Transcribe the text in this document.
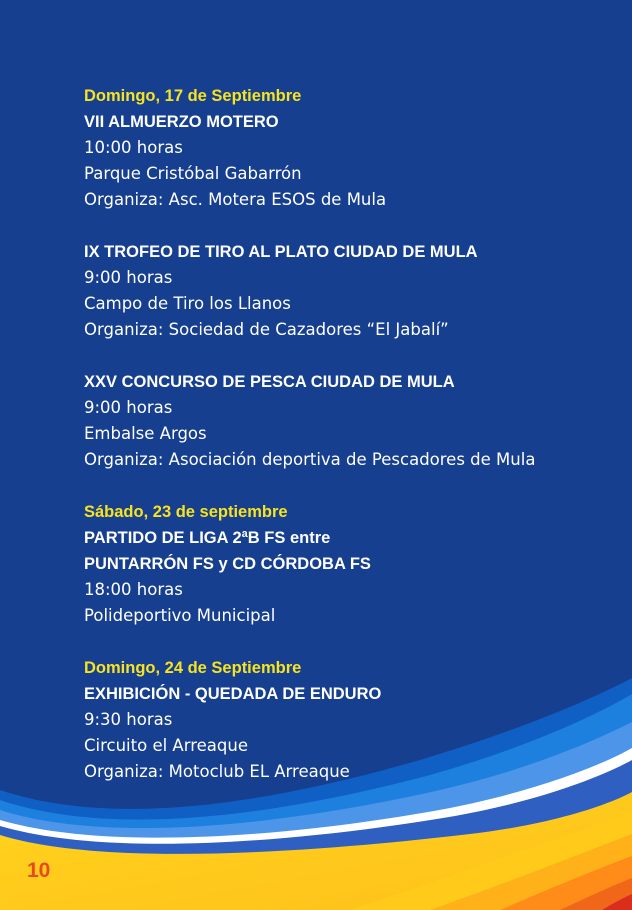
Domingo, 17 de Septiembre
VII ALMUERZO MOTERO
10:00 horas
Parque Cristóbal Gabarrón
Organiza: Asc. Motera ESOS de Mula
IX TROFEO DE TIRO AL PLATO CIUDAD DE MULA
9:00 horas
Campo de Tiro los Llanos
Organiza: Sociedad de Cazadores “El Jabalí”
XXV CONCURSO DE PESCA CIUDAD DE MULA
9:00 horas
Embalse Argos
Organiza: Asociación deportiva de Pescadores de Mula
Sábado, 23 de septiembre
PARTIDO DE LIGA 2ªB FS entre
PUNTARRÓN FS y CD CÓRDOBA FS
18:00 horas
Polideportivo Municipal
Domingo, 24 de Septiembre
EXHIBICIÓN - QUEDADA DE ENDURO
9:30 horas
Circuito el Arreaque
Organiza: Motoclub EL Arreaque
10
